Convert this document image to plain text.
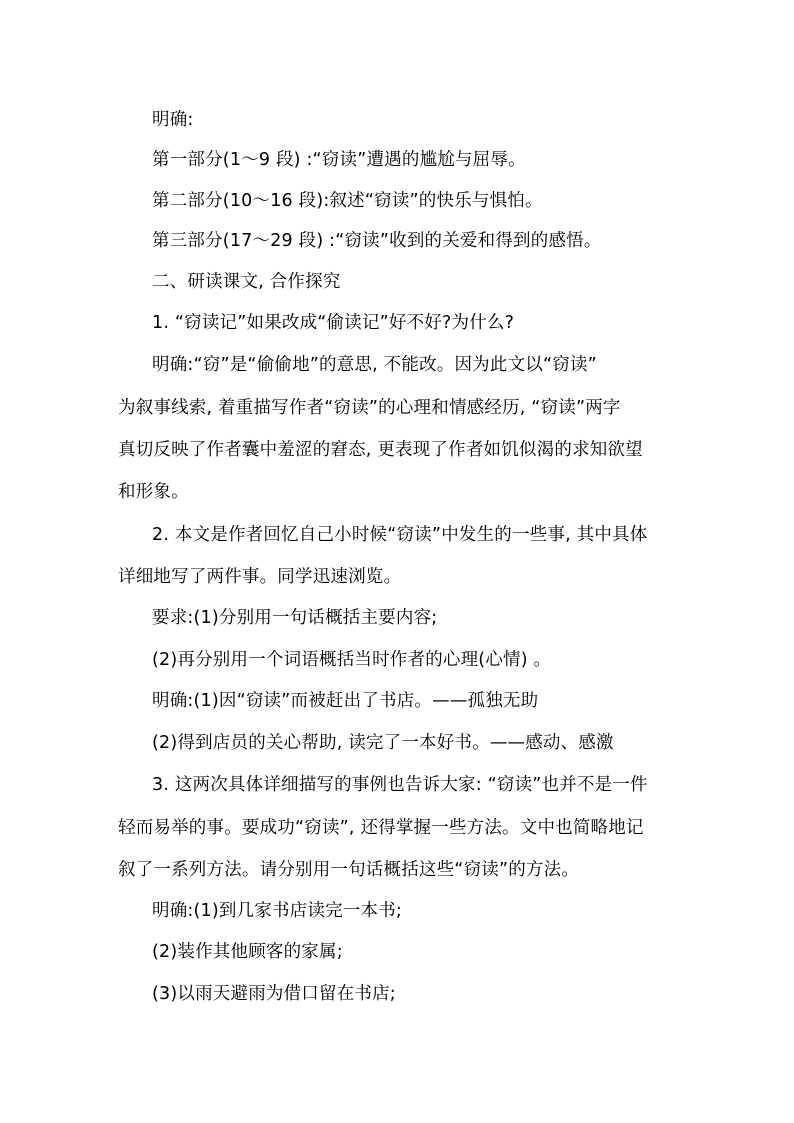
明确:
第一部分(1～9 段) :“窃读”遭遇的尴尬与屈辱。
第二部分(10～16 段):叙述“窃读”的快乐与惧怕。
第三部分(17～29 段) :“窃读”收到的关爱和得到的感悟。
二、研读课文, 合作探究
1. “窃读记”如果改成“偷读记”好不好?为什么?
明确:“窃”是“偷偷地”的意思, 不能改。因为此文以“窃读”
为叙事线索, 着重描写作者“窃读”的心理和情感经历, “窃读”两字
真切反映了作者囊中羞涩的窘态, 更表现了作者如饥似渴的求知欲望
和形象。
2. 本文是作者回忆自己小时候“窃读”中发生的一些事, 其中具体
详细地写了两件事。同学迅速浏览。
要求:(1)分别用一句话概括主要内容;
(2)再分别用一个词语概括当时作者的心理(心情) 。
明确:(1)因“窃读”而被赶出了书店。——孤独无助
(2)得到店员的关心帮助, 读完了一本好书。——感动、感激
3. 这两次具体详细描写的事例也告诉大家: “窃读”也并不是一件
轻而易举的事。要成功“窃读”, 还得掌握一些方法。文中也简略地记
叙了一系列方法。请分别用一句话概括这些“窃读”的方法。
明确:(1)到几家书店读完一本书;
(2)装作其他顾客的家属;
(3)以雨天避雨为借口留在书店;
